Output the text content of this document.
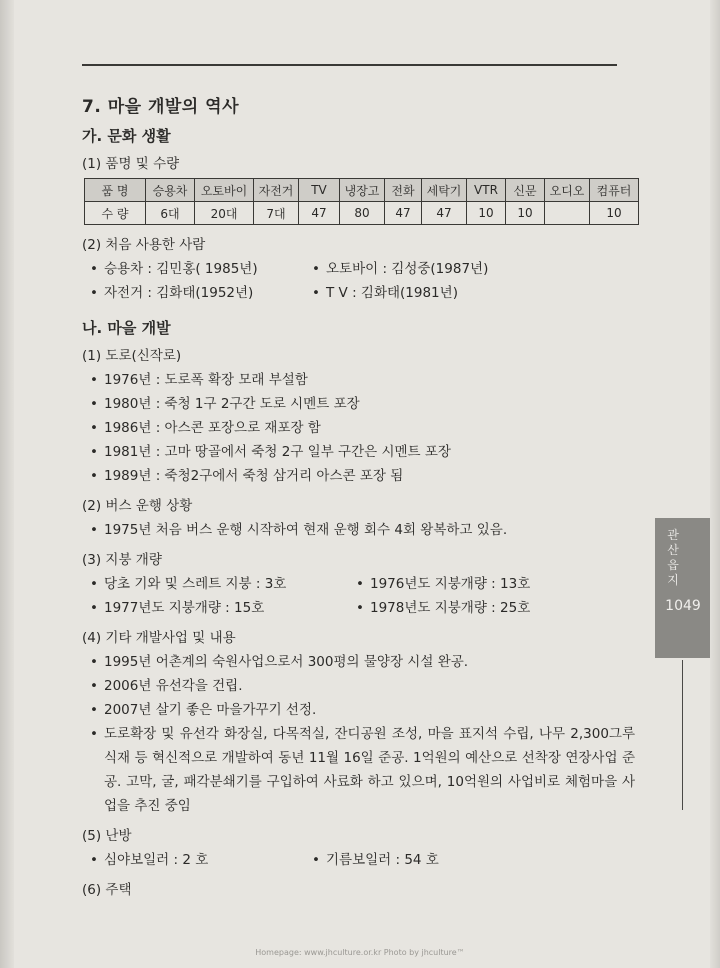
7. 마을 개발의 역사
가. 문화 생활
(1) 품명 및 수량
품 명	승용차	오토바이	자전거	TV	냉장고	전화	세탁기	VTR	신문	오디오	컴퓨터
수 량	6대	20대	7대	47	80	47	47	10	10		10
(2) 처음 사용한 사람
• 승용차 : 김민홍( 1985년)	• 오토바이 : 김성중(1987년)
• 자전거 : 김화태(1952년)	• T V : 김화태(1981년)
나. 마을 개발
(1) 도로(신작로)
• 1976년 : 도로폭 확장 모래 부설함
• 1980년 : 죽청 1구 2구간 도로 시멘트 포장
• 1986년 : 아스콘 포장으로 재포장 함
• 1981년 : 고마 땅골에서 죽청 2구 일부 구간은 시멘트 포장
• 1989년 : 죽청2구에서 죽청 삼거리 아스콘 포장 됨
(2) 버스 운행 상황
• 1975년 처음 버스 운행 시작하여 현재 운행 회수 4회 왕복하고 있음.
(3) 지붕 개량
• 당초 기와 및 스레트 지붕 : 3호	• 1976년도 지붕개량 : 13호
• 1977년도 지붕개량 : 15호	• 1978년도 지붕개량 : 25호
(4) 기타 개발사업 및 내용
• 1995년 어촌계의 숙원사업으로서 300평의 물양장 시설 완공.
• 2006년 유선각을 건립.
• 2007년 살기 좋은 마을가꾸기 선정.
• 도로확장 및 유선각 화장실, 다목적실, 잔디공원 조성, 마을 표지석 수립, 나무 2,300그루 식재 등 혁신적으로 개발하여 동년 11월 16일 준공. 1억원의 예산으로 선착장 연장사업 준공. 고막, 굴, 패각분쇄기를 구입하여 사료화 하고 있으며, 10억원의 사업비로 체험마을 사업을 추진 중임
(5) 난방
• 심야보일러 : 2 호	• 기름보일러 : 54 호
(6) 주택
관산읍지
1049
Homepage: www.jhculture.or.kr Photo by jhculture™
